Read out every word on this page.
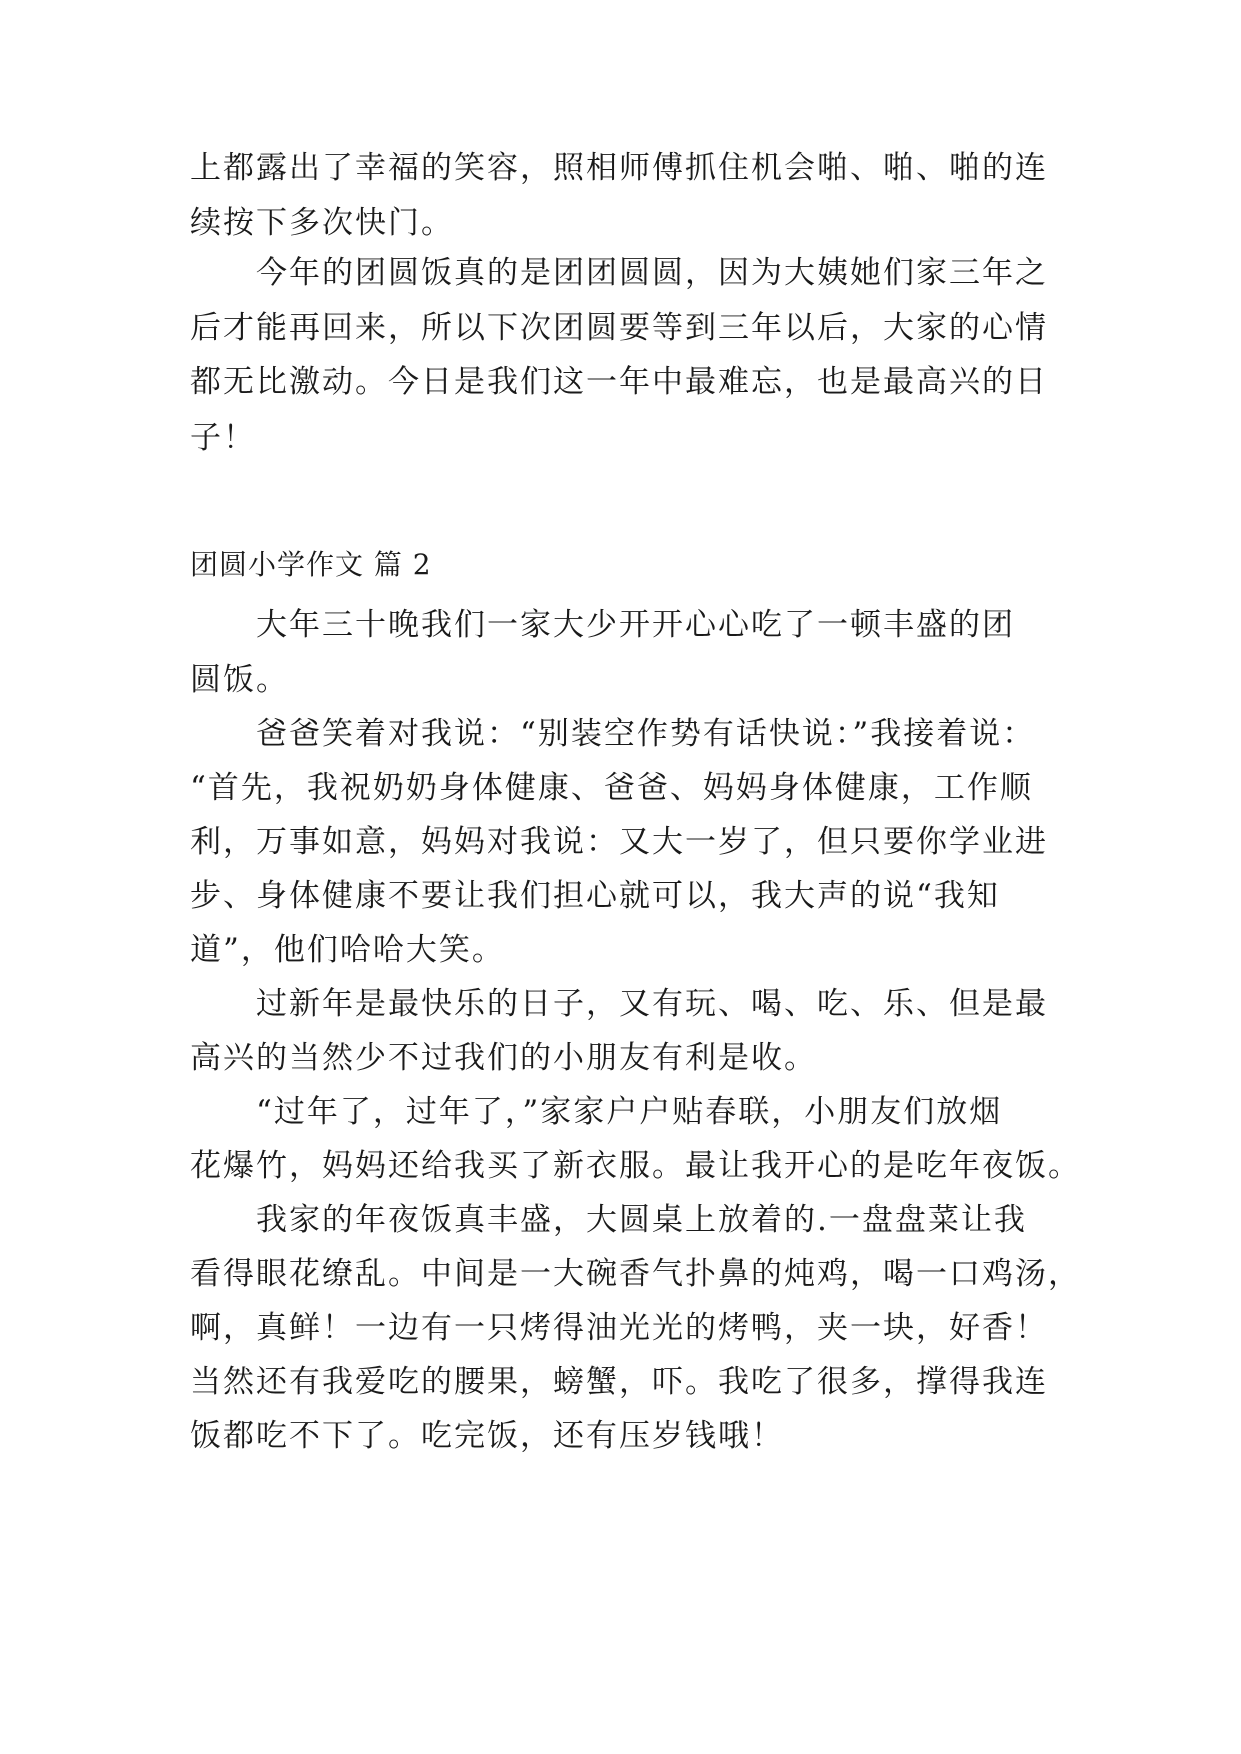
上都露出了幸福的笑容，照相师傅抓住机会啪、啪、啪的连
续按下多次快门。
　　今年的团圆饭真的是团团圆圆，因为大姨她们家三年之
后才能再回来，所以下次团圆要等到三年以后，大家的心情
都无比激动。今日是我们这一年中最难忘，也是最高兴的日
子！
团圆小学作文 篇 2
　　大年三十晚我们一家大少开开心心吃了一顿丰盛的团
圆饭。
　　爸爸笑着对我说：“别装空作势有话快说：”我接着说：
“首先，我祝奶奶身体健康、爸爸、妈妈身体健康，工作顺
利，万事如意，妈妈对我说：又大一岁了，但只要你学业进
步、身体健康不要让我们担心就可以，我大声的说“我知
道”，他们哈哈大笑。
　　过新年是最快乐的日子，又有玩、喝、吃、乐、但是最
高兴的当然少不过我们的小朋友有利是收。
　　“过年了，过年了，”家家户户贴春联，小朋友们放烟
花爆竹，妈妈还给我买了新衣服。最让我开心的是吃年夜饭。
　　我家的年夜饭真丰盛，大圆桌上放着的.一盘盘菜让我
看得眼花缭乱。中间是一大碗香气扑鼻的炖鸡，喝一口鸡汤，
啊，真鲜！一边有一只烤得油光光的烤鸭，夹一块，好香！
当然还有我爱吃的腰果，螃蟹，吓。我吃了很多，撑得我连
饭都吃不下了。吃完饭，还有压岁钱哦！
